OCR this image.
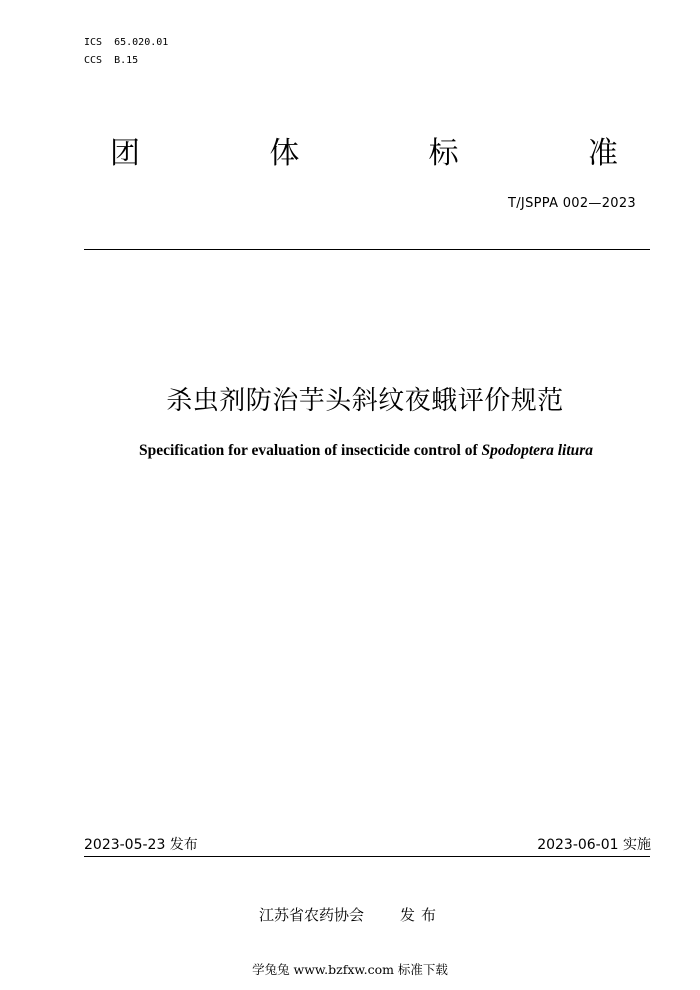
ICS  65.020.01
CCS  B.15
团	体	标	准
T/JSPPA 002—2023
杀虫剂防治芋头斜纹夜蛾评价规范
Specification for evaluation of insecticide control of Spodoptera litura
2023-05-23 发布	2023-06-01 实施
江苏省农药协会 发布
学兔兔 www.bzfxw.com 标准下载
